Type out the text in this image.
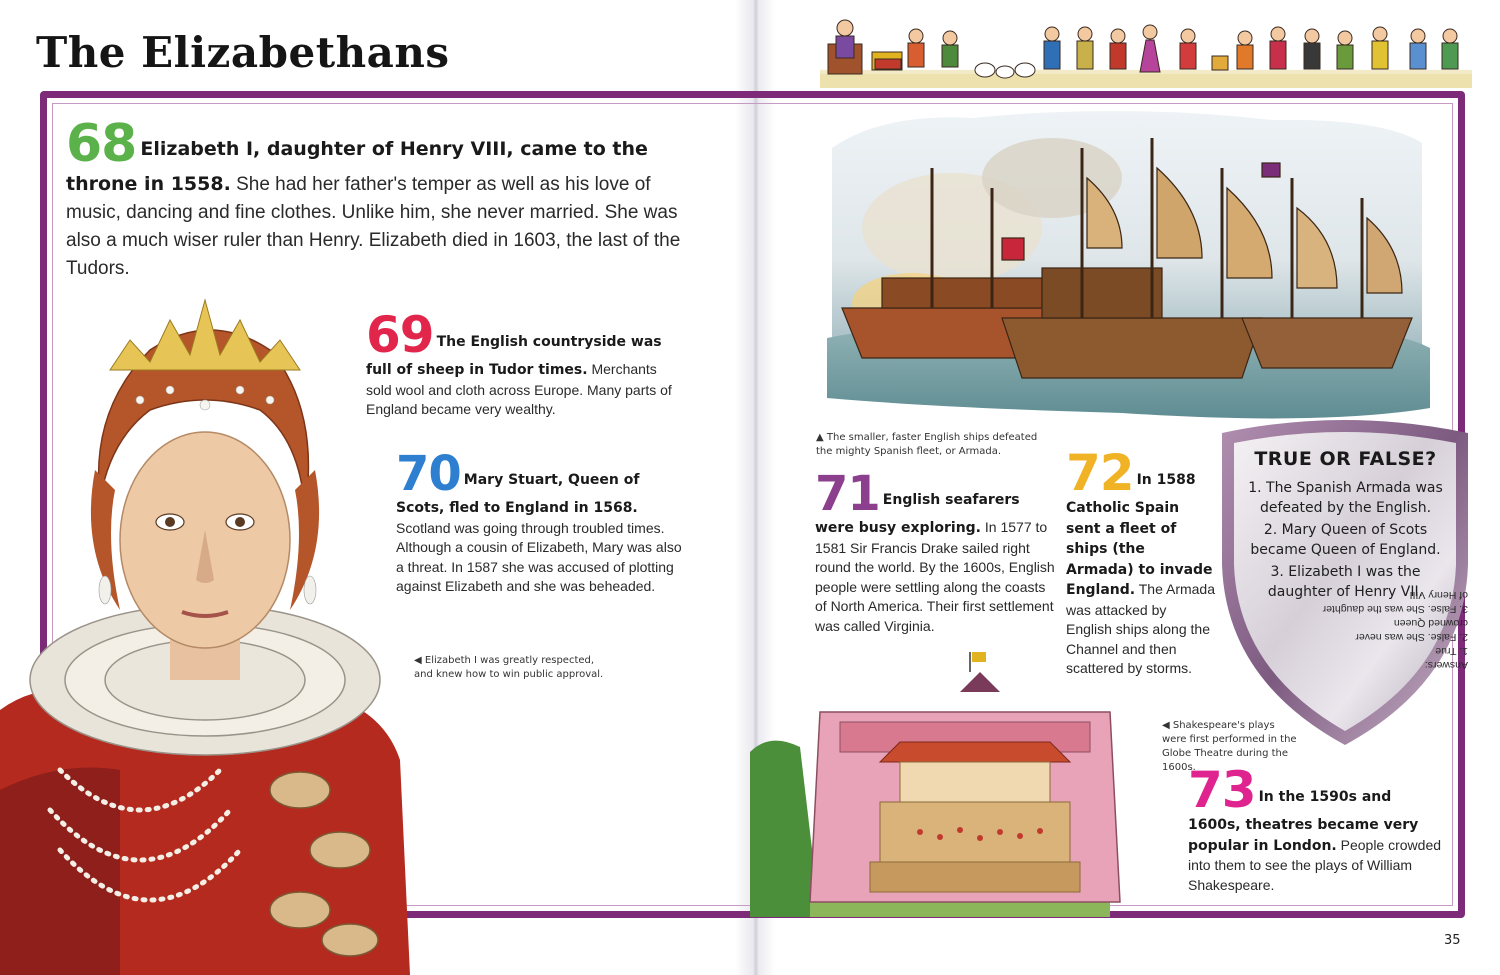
The Elizabethans
68 Elizabeth I, daughter of Henry VIII, came to the throne in 1558. She had her father's temper as well as his love of music, dancing and fine clothes. Unlike him, she never married. She was also a much wiser ruler than Henry. Elizabeth died in 1603, the last of the Tudors.
69 The English countryside was full of sheep in Tudor times. Merchants sold wool and cloth across Europe. Many parts of England became very wealthy.
70 Mary Stuart, Queen of Scots, fled to England in 1568. Scotland was going through troubled times. Although a cousin of Elizabeth, Mary was also a threat. In 1587 she was accused of plotting against Elizabeth and she was beheaded.
71 English seafarers were busy exploring. In 1577 to 1581 Sir Francis Drake sailed right round the world. By the 1600s, English people were settling along the coasts of North America. Their first settlement was called Virginia.
72 In 1588 Catholic Spain sent a fleet of ships (the Armada) to invade England. The Armada was attacked by English ships along the Channel and then scattered by storms.
73 In the 1590s and 1600s, theatres became very popular in London. People crowded into them to see the plays of William Shakespeare.
▲ The smaller, faster English ships defeated the mighty Spanish fleet, or Armada.
◀ Elizabeth I was greatly respected, and knew how to win public approval.
◀ Shakespeare's plays were first performed in the Globe Theatre during the 1600s.
TRUE OR FALSE?
1. The Spanish Armada was defeated by the English.
2. Mary Queen of Scots became Queen of England.
3. Elizabeth I was the daughter of Henry VII.
Answers:
1. True
2. False. She was never crowned Queen
3. False. She was the daughter of Henry VIII
35
